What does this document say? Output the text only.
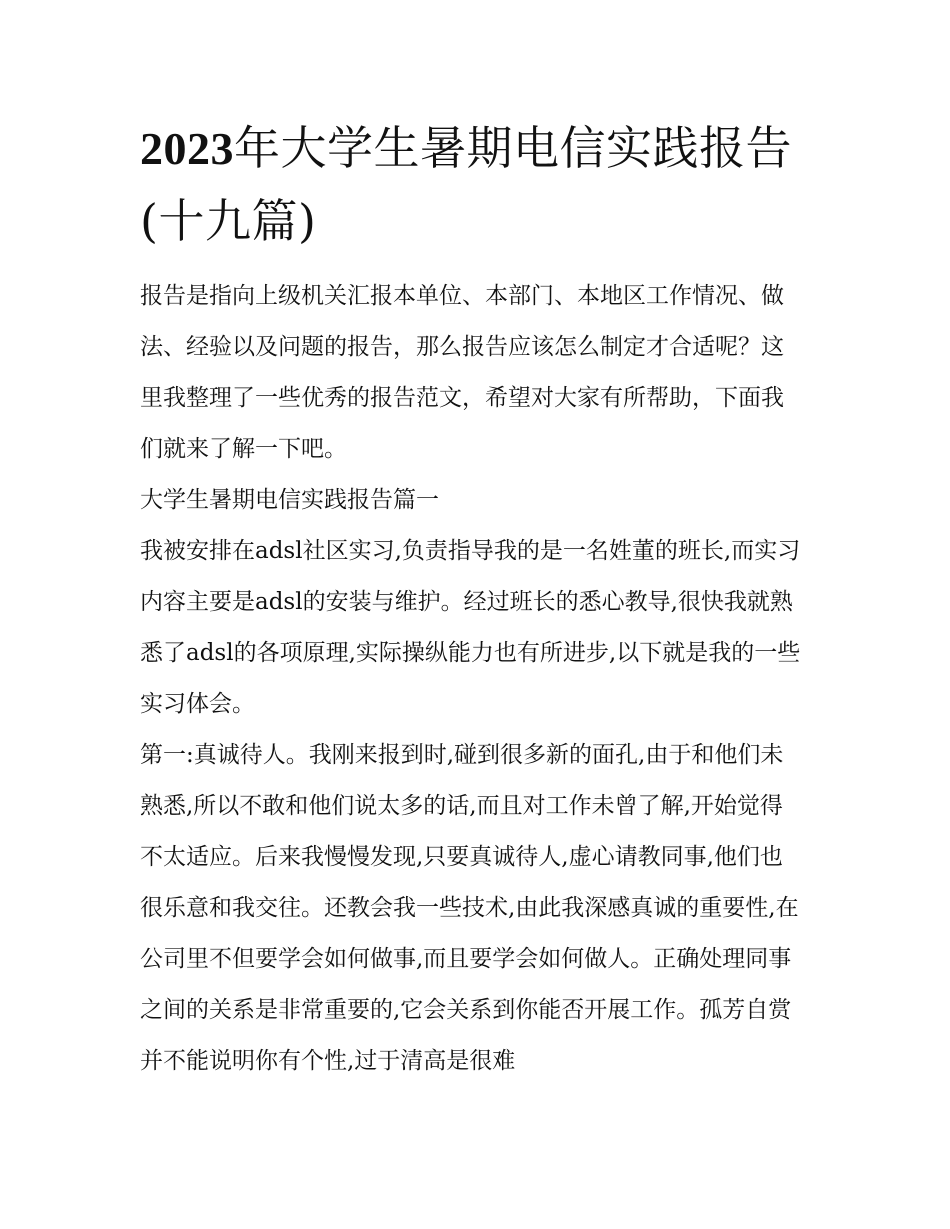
2023年大学生暑期电信实践报告(十九篇)

报告是指向上级机关汇报本单位、本部门、本地区工作情况、做法、经验以及问题的报告，那么报告应该怎么制定才合适呢？这里我整理了一些优秀的报告范文，希望对大家有所帮助，下面我们就来了解一下吧。

大学生暑期电信实践报告篇一

我被安排在adsl社区实习,负责指导我的是一名姓董的班长,而实习内容主要是adsl的安装与维护。经过班长的悉心教导,很快我就熟悉了adsl的各项原理,实际操纵能力也有所进步,以下就是我的一些实习体会。

第一:真诚待人。我刚来报到时,碰到很多新的面孔,由于和他们未熟悉,所以不敢和他们说太多的话,而且对工作未曾了解,开始觉得不太适应。后来我慢慢发现,只要真诚待人,虚心请教同事,他们也很乐意和我交往。还教会我一些技术,由此我深感真诚的重要性,在公司里不但要学会如何做事,而且要学会如何做人。正确处理同事之间的关系是非常重要的,它会关系到你能否开展工作。孤芳自赏并不能说明你有个性,过于清高是很难
